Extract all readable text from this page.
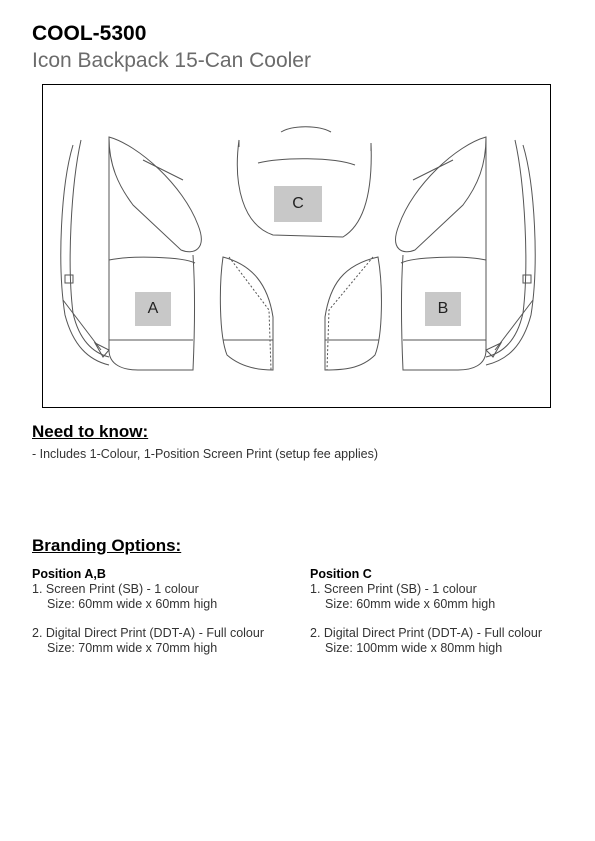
COOL-5300
Icon Backpack 15-Can Cooler
A
C
B
Need to know:
- Includes 1-Colour, 1-Position Screen Print (setup fee applies)
Branding Options:
Position A,B
1. Screen Print (SB) - 1 colour
Size: 60mm wide x 60mm high
2. Digital Direct Print (DDT-A) - Full colour
Size: 70mm wide x 70mm high
Position C
1. Screen Print (SB) - 1 colour
Size: 60mm wide x 60mm high
2. Digital Direct Print (DDT-A) - Full colour
Size: 100mm wide x 80mm high
